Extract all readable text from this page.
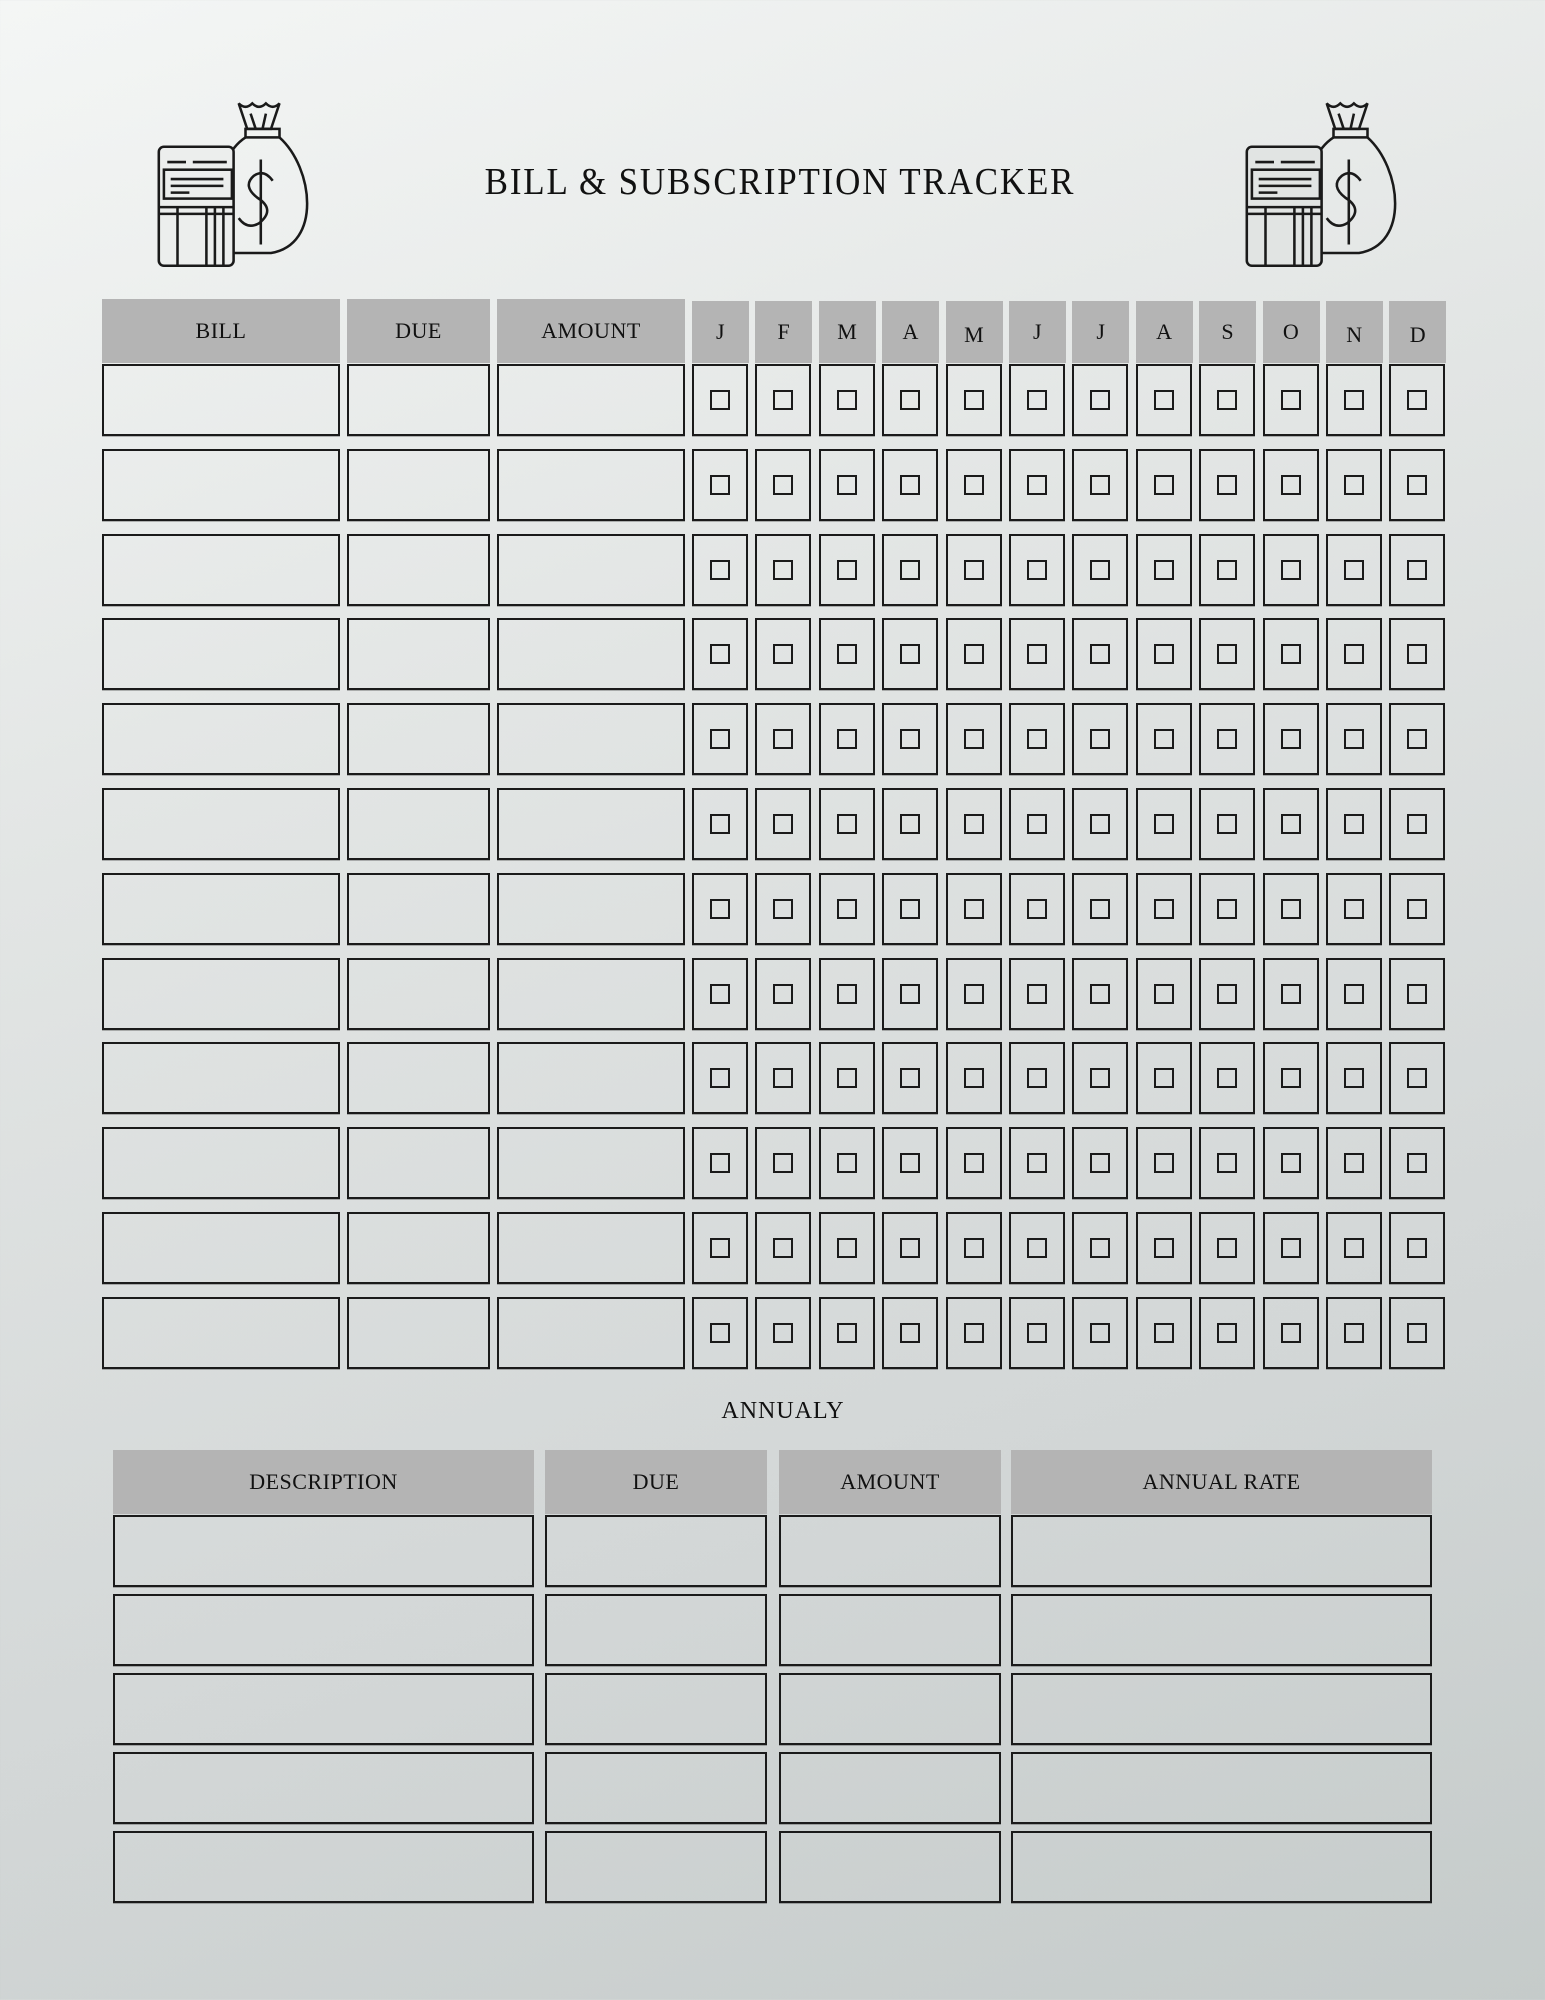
BILL & SUBSCRIPTION TRACKER
BILL	DUE	AMOUNT	J	F	M	A	M	J	J	A	S	O	N	D
ANNUALY
DESCRIPTION	DUE	AMOUNT	ANNUAL RATE
